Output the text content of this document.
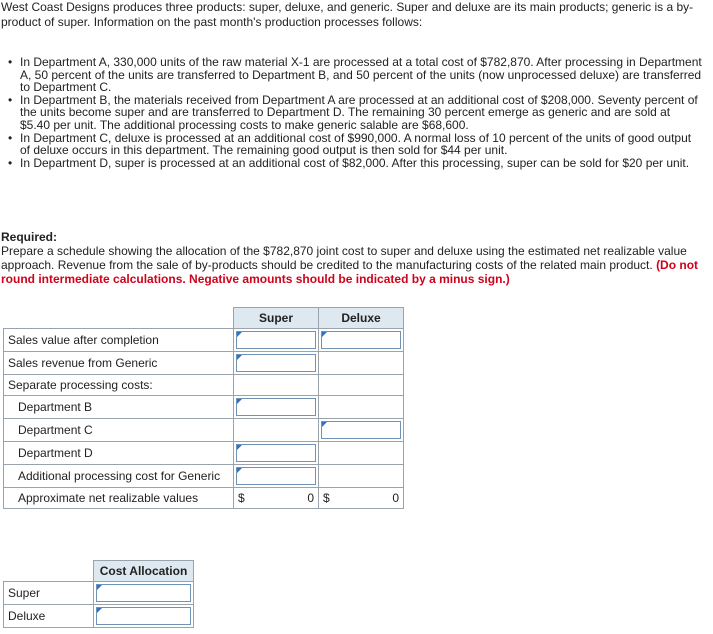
West Coast Designs produces three products: super, deluxe, and generic. Super and deluxe are its main products; generic is a by-product of super. Information on the past month's production processes follows:
• In Department A, 330,000 units of the raw material X-1 are processed at a total cost of $782,870. After processing in Department A, 50 percent of the units are transferred to Department B, and 50 percent of the units (now unprocessed deluxe) are transferred to Department C.
• In Department B, the materials received from Department A are processed at an additional cost of $208,000. Seventy percent of the units become super and are transferred to Department D. The remaining 30 percent emerge as generic and are sold at $5.40 per unit. The additional processing costs to make generic salable are $68,600.
• In Department C, deluxe is processed at an additional cost of $990,000. A normal loss of 10 percent of the units of good output of deluxe occurs in this department. The remaining good output is then sold for $44 per unit.
• In Department D, super is processed at an additional cost of $82,000. After this processing, super can be sold for $20 per unit.
Required:
Prepare a schedule showing the allocation of the $782,870 joint cost to super and deluxe using the estimated net realizable value approach. Revenue from the sale of by-products should be credited to the manufacturing costs of the related main product. (Do not round intermediate calculations. Negative amounts should be indicated by a minus sign.)
	Super	Deluxe
Sales value after completion	

Sales revenue from Generic	

Separate processing costs:		
Department B	

Department C		

Department D	

Additional processing cost for Generic	

Approximate net realizable values	$ 0	$ 0
	Cost Allocation
Super	

Deluxe	
